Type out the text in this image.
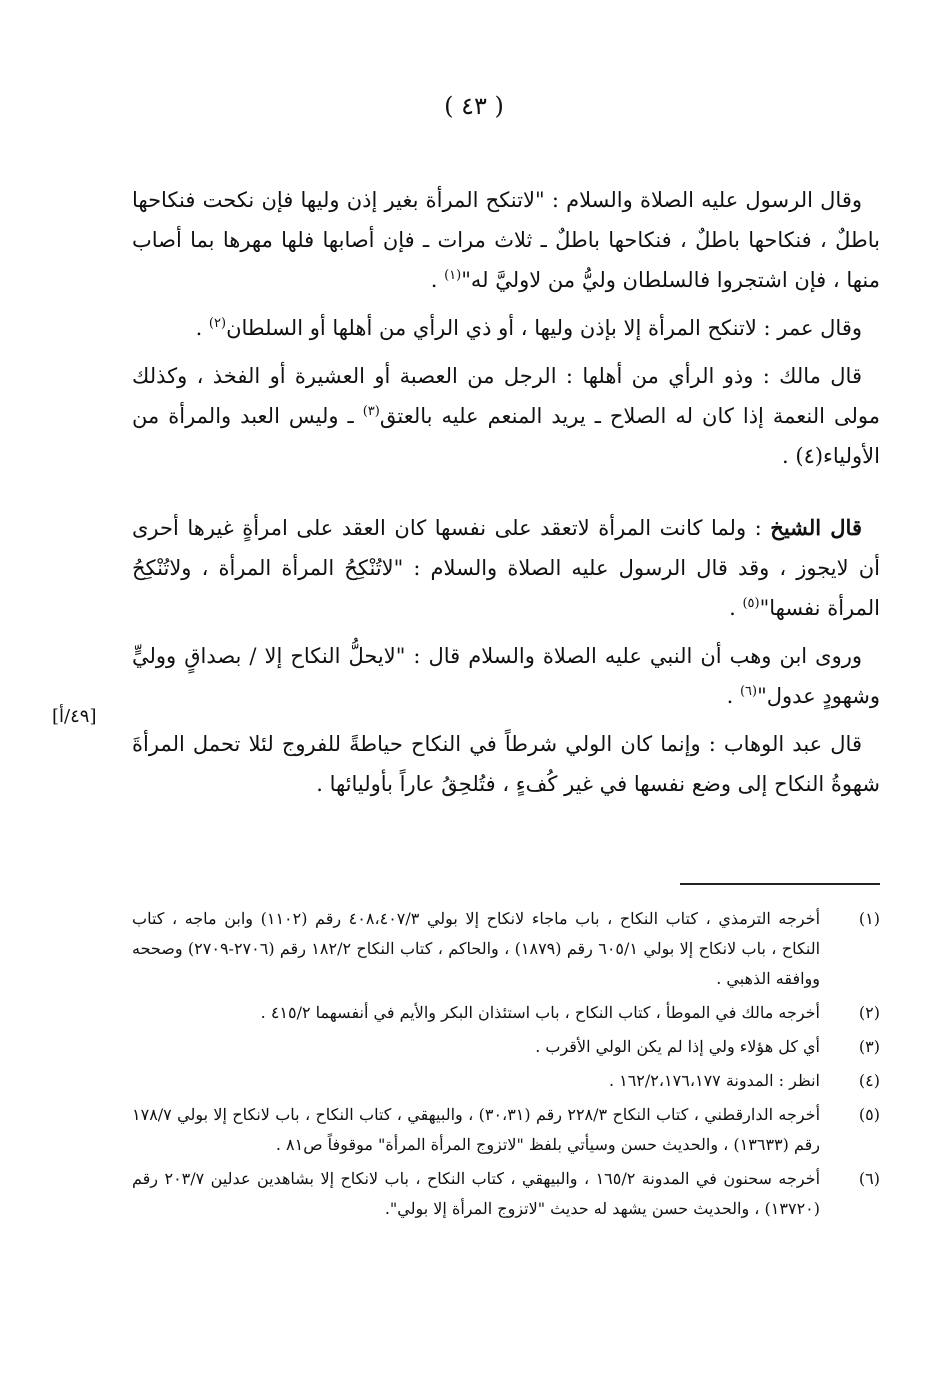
( ٤٣ )

وقال الرسول عليه الصلاة والسلام : "لاتنكح المرأة بغير إذن وليها فإن نكحت فنكاحها باطلٌ ، فنكاحها باطلٌ ، فنكاحها باطلٌ ـ ثلاث مرات ـ فإن أصابها فلها مهرها بما أصاب منها ، فإن اشتجروا فالسلطان وليُّ من لاوليَّ له"$^{(١)}$ .

وقال عمر : لاتنكح المرأة إلا بإذن وليها ، أو ذي الرأي من أهلها أو السلطان$^{(٢)}$ .

قال مالك : وذو الرأي من أهلها : الرجل من العصبة أو العشيرة أو الفخذ ، وكذلك مولى النعمة إذا كان له الصلاح ـ يريد المنعم عليه بالعتق$^{(٣)}$ ـ وليس العبد والمرأة من الأولياء(٤) .

قال الشيخ : ولما كانت المرأة لاتعقد على نفسها كان العقد على امرأةٍ غيرها أحرى أن لايجوز ، وقد قال الرسول عليه الصلاة والسلام : "لاتُنْكِحُ المرأة المرأة ، ولاتُنْكِحُ المرأة نفسها"$^{(٥)}$ .

وروى ابن وهب أن النبي عليه الصلاة والسلام قال : "لايحلُّ النكاح إلا / بصداقٍ ووليٍّ وشهودٍ عدول"$^{(٦)}$ .

قال عبد الوهاب : وإنما كان الولي شرطاً في النكاح حياطةً للفروج لئلا تحمل المرأةَ شهوةُ النكاح إلى وضع نفسها في غير كُفءٍ ، فتُلحِقُ عاراً بأوليائها .

[٤٩/أ]
(١)
أخرجه الترمذي ، كتاب النكاح ، باب ماجاء لانكاح إلا بولي ٤٠٨،٤٠٧/٣ رقم (١١٠٢) وابن ماجه ، كتاب النكاح ، باب لانكاح إلا بولي ٦٠٥/١ رقم (١٨٧٩) ، والحاكم ، كتاب النكاح ١٨٢/٢ رقم (٢٧٠٦-٢٧٠٩) وصححه ووافقه الذهبي .
(٢)
أخرجه مالك في الموطأ ، كتاب النكاح ، باب استئذان البكر والأيم في أنفسهما ٤١٥/٢ .
(٣)
أي كل هؤلاء ولي إذا لم يكن الولي الأقرب .
(٤)
انظر : المدونة ١٦٢/٢،١٧٦،١٧٧ .
(٥)
أخرجه الدارقطني ، كتاب النكاح ٢٢٨/٣ رقم (٣٠،٣١) ، والبيهقي ، كتاب النكاح ، باب لانكاح إلا بولي ١٧٨/٧ رقم (١٣٦٣٣) ، والحديث حسن وسيأتي بلفظ "لاتزوج المرأة المرأة" موقوفاً ص٨١ .
(٦)
أخرجه سحنون في المدونة ١٦٥/٢ ، والبيهقي ، كتاب النكاح ، باب لانكاح إلا بشاهدين عدلين ٢٠٣/٧ رقم (١٣٧٢٠) ، والحديث حسن يشهد له حديث "لاتزوج المرأة إلا بولي".
